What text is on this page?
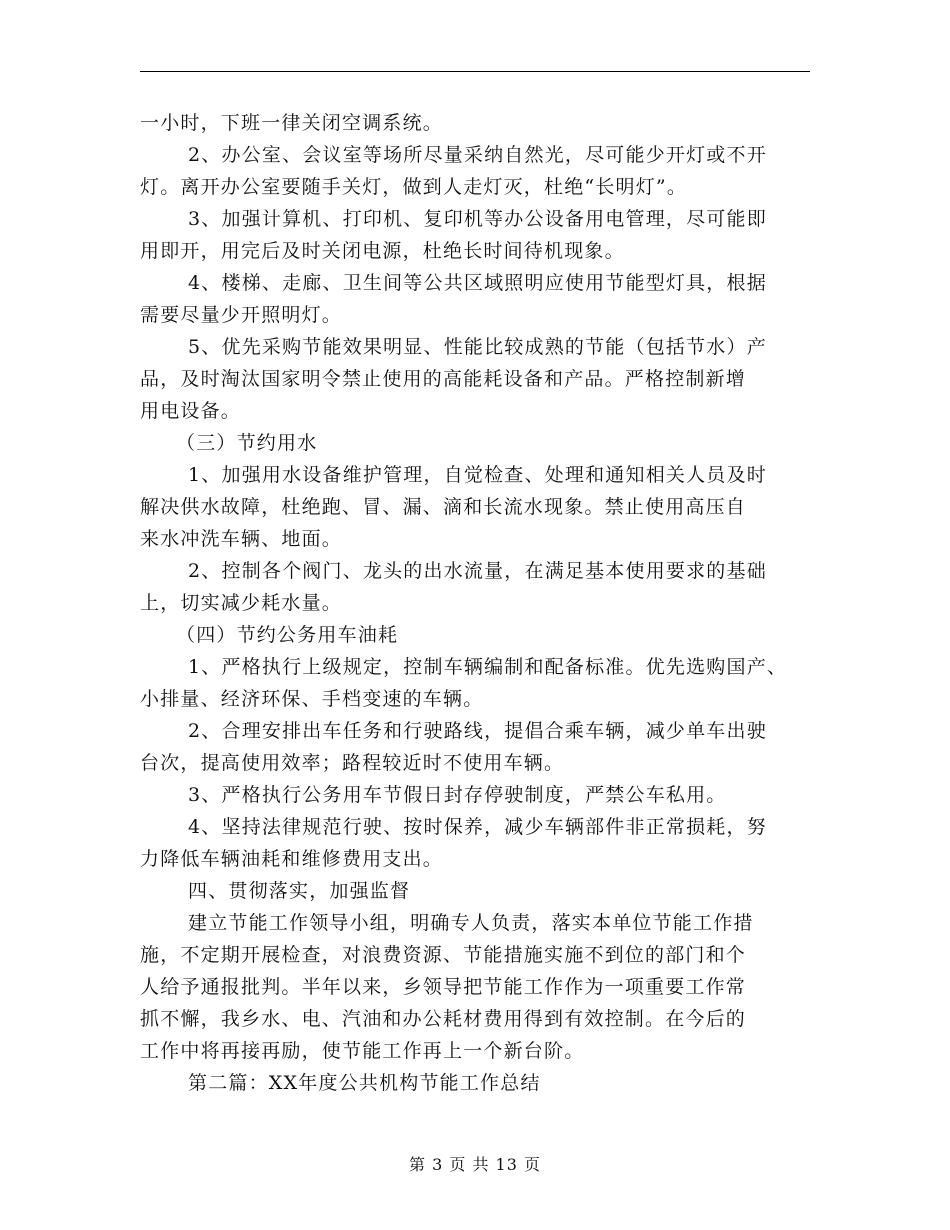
一小时，下班一律关闭空调系统。
2、办公室、会议室等场所尽量采纳自然光，尽可能少开灯或不开
灯。离开办公室要随手关灯，做到人走灯灭，杜绝“长明灯”。
3、加强计算机、打印机、复印机等办公设备用电管理，尽可能即
用即开，用完后及时关闭电源，杜绝长时间待机现象。
4、楼梯、走廊、卫生间等公共区域照明应使用节能型灯具，根据
需要尽量少开照明灯。
5、优先采购节能效果明显、性能比较成熟的节能（包括节水）产
品，及时淘汰国家明令禁止使用的高能耗设备和产品。严格控制新增
用电设备。
（三）节约用水
1、加强用水设备维护管理，自觉检查、处理和通知相关人员及时
解决供水故障，杜绝跑、冒、漏、滴和长流水现象。禁止使用高压自
来水冲洗车辆、地面。
2、控制各个阀门、龙头的出水流量，在满足基本使用要求的基础
上，切实减少耗水量。
（四）节约公务用车油耗
1、严格执行上级规定，控制车辆编制和配备标准。优先选购国产、
小排量、经济环保、手档变速的车辆。
2、合理安排出车任务和行驶路线，提倡合乘车辆，减少单车出驶
台次，提高使用效率；路程较近时不使用车辆。
3、严格执行公务用车节假日封存停驶制度，严禁公车私用。
4、坚持法律规范行驶、按时保养，减少车辆部件非正常损耗，努
力降低车辆油耗和维修费用支出。
四、贯彻落实，加强监督
建立节能工作领导小组，明确专人负责，落实本单位节能工作措
施，不定期开展检查，对浪费资源、节能措施实施不到位的部门和个
人给予通报批判。半年以来，乡领导把节能工作作为一项重要工作常
抓不懈，我乡水、电、汽油和办公耗材费用得到有效控制。在今后的
工作中将再接再励，使节能工作再上一个新台阶。
第二篇：XX年度公共机构节能工作总结
第 3 页 共 13 页
